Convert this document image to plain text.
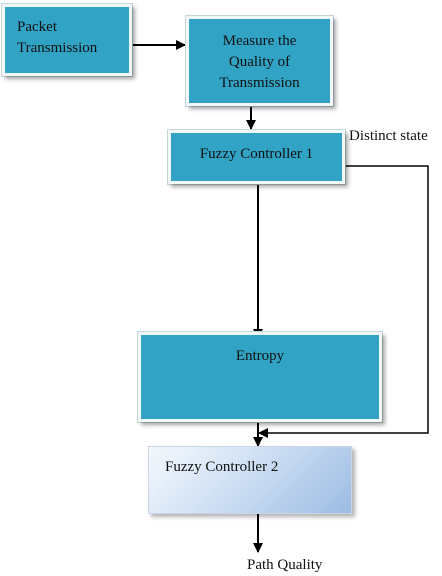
Packet
Transmission	Measure the
Quality of
Transmission
Fuzzy Controller 1
Entropy
Fuzzy Controller 2
Distinct state
Path Quality
